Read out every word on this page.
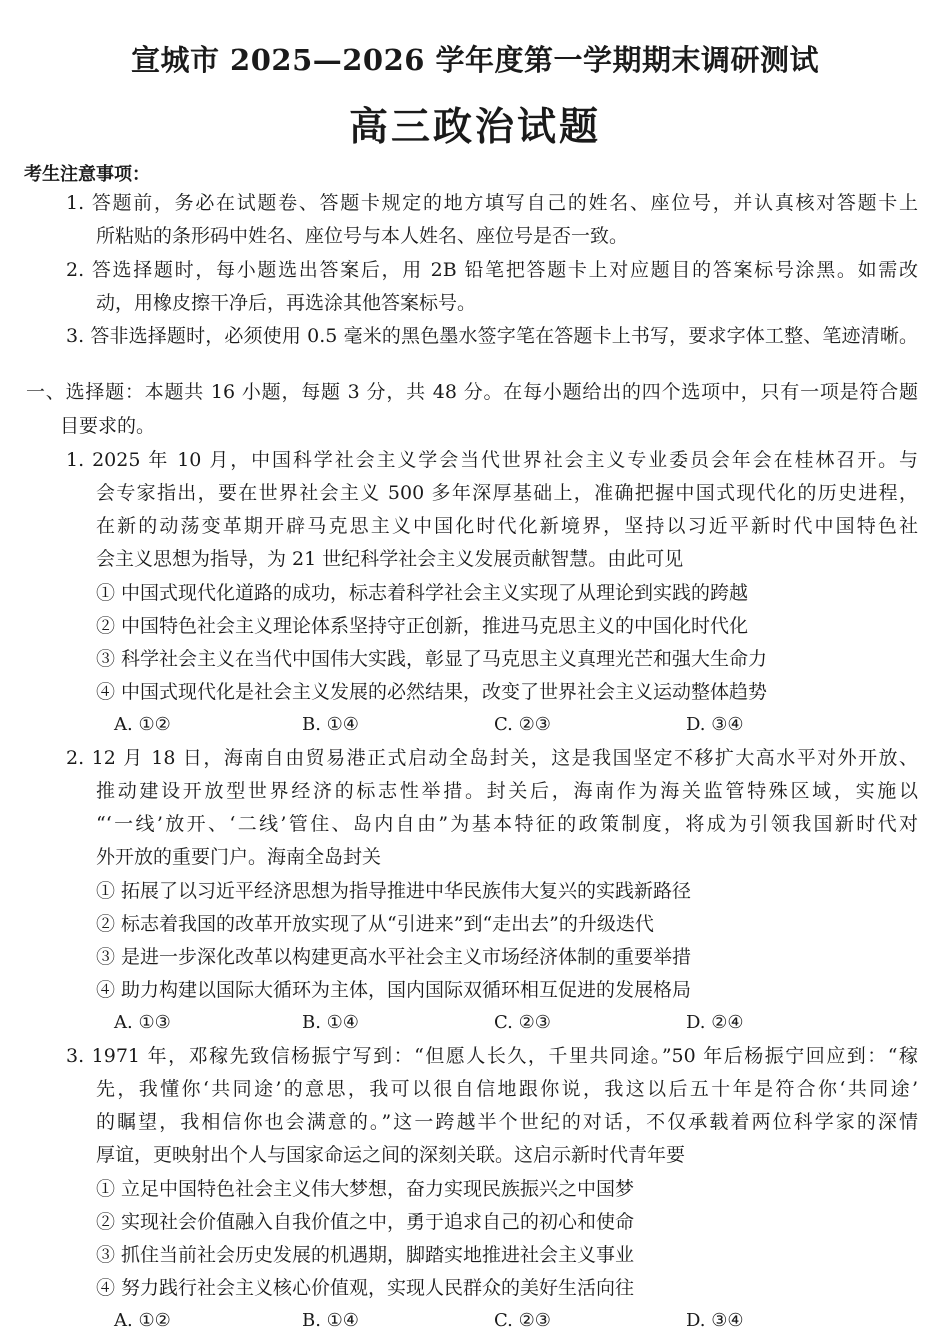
宣城市 2025—2026 学年度第一学期期末调研测试
高三政治试题
考生注意事项：
1. 答题前，务必在试题卷、答题卡规定的地方填写自己的姓名、座位号，并认真核对答题卡上
所粘贴的条形码中姓名、座位号与本人姓名、座位号是否一致。
2. 答选择题时，每小题选出答案后，用 2B 铅笔把答题卡上对应题目的答案标号涂黑。如需改
动，用橡皮擦干净后，再选涂其他答案标号。
3. 答非选择题时，必须使用 0.5 毫米的黑色墨水签字笔在答题卡上书写，要求字体工整、笔迹清晰。
一、选择题：本题共 16 小题，每题 3 分，共 48 分。在每小题给出的四个选项中，只有一项是符合题
目要求的。
1. 2025 年 10 月，中国科学社会主义学会当代世界社会主义专业委员会年会在桂林召开。与
会专家指出，要在世界社会主义 500 多年深厚基础上，准确把握中国式现代化的历史进程，
在新的动荡变革期开辟马克思主义中国化时代化新境界，坚持以习近平新时代中国特色社
会主义思想为指导，为 21 世纪科学社会主义发展贡献智慧。由此可见
① 中国式现代化道路的成功，标志着科学社会主义实现了从理论到实践的跨越
② 中国特色社会主义理论体系坚持守正创新，推进马克思主义的中国化时代化
③ 科学社会主义在当代中国伟大实践，彰显了马克思主义真理光芒和强大生命力
④ 中国式现代化是社会主义发展的必然结果，改变了世界社会主义运动整体趋势
A. ①②	B. ①④	C. ②③	D. ③④
2. 12 月 18 日，海南自由贸易港正式启动全岛封关，这是我国坚定不移扩大高水平对外开放、
推动建设开放型世界经济的标志性举措。封关后，海南作为海关监管特殊区域，实施以
“‘一线’放开、‘二线’管住、岛内自由”为基本特征的政策制度，将成为引领我国新时代对
外开放的重要门户。海南全岛封关
① 拓展了以习近平经济思想为指导推进中华民族伟大复兴的实践新路径
② 标志着我国的改革开放实现了从“引进来”到“走出去”的升级迭代
③ 是进一步深化改革以构建更高水平社会主义市场经济体制的重要举措
④ 助力构建以国际大循环为主体，国内国际双循环相互促进的发展格局
A. ①③	B. ①④	C. ②③	D. ②④
3. 1971 年，邓稼先致信杨振宁写到：“但愿人长久，千里共同途。”50 年后杨振宁回应到：“稼
先，我懂你‘共同途’的意思，我可以很自信地跟你说，我这以后五十年是符合你‘共同途’
的瞩望，我相信你也会满意的。”这一跨越半个世纪的对话，不仅承载着两位科学家的深情
厚谊，更映射出个人与国家命运之间的深刻关联。这启示新时代青年要
① 立足中国特色社会主义伟大梦想，奋力实现民族振兴之中国梦
② 实现社会价值融入自我价值之中，勇于追求自己的初心和使命
③ 抓住当前社会历史发展的机遇期，脚踏实地推进社会主义事业
④ 努力践行社会主义核心价值观，实现人民群众的美好生活向往
A. ①②	B. ①④	C. ②③	D. ③④
